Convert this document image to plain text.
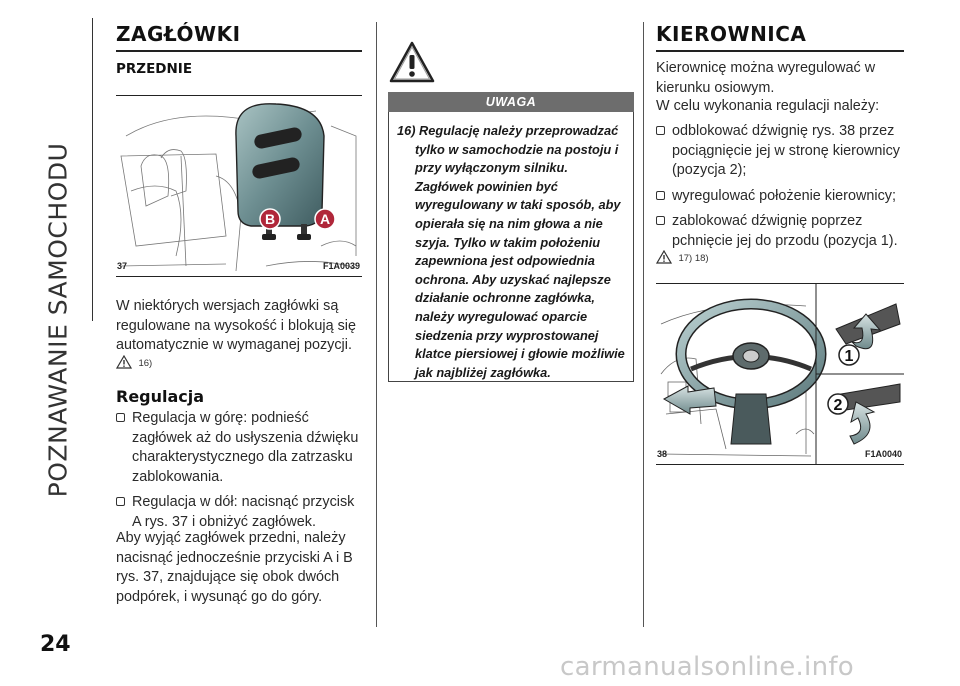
POZNAWANIE SAMOCHODU
24
ZAGŁÓWKI
PRZEDNIE
B	A
37	F1A0039

W niektórych wersjach zagłówki są regulowane na wysokość i blokują się automatycznie w wymaganej pozycji.

16)
Regulacja

Regulacja w górę: podnieść zagłówek aż do usłyszenia dźwięku charakterystycznego dla zatrzasku zablokowania.

Regulacja w dół: nacisnąć przycisk A rys. 37 i obniżyć zagłówek.

Aby wyjąć zagłówek przedni, należy nacisnąć jednocześnie przyciski A i B rys. 37, znajdujące się obok dwóch podpórek, i wysunąć go do góry.

UWAGA

16) Regulację należy przeprowadzać tylko w samochodzie na postoju i przy wyłączonym silniku. Zagłówek powinien być wyregulowany w taki sposób, aby opierała się na nim głowa a nie szyja. Tylko w takim położeniu zapewniona jest odpowiednia ochrona. Aby uzyskać najlepsze działanie ochronne zagłówka, należy wyregulować oparcie siedzenia przy wyprostowanej klatce piersiowej i głowie możliwie jak najbliżej zagłówka.

KIEROWNICA

Kierownicę można wyregulować w kierunku osiowym.

W celu wykonania regulacji należy:

odblokować dźwignię rys. 38 przez pociągnięcie jej w stronę kierownicy (pozycja 2);

wyregulować położenie kierownicy;

zablokować dźwignię poprzez pchnięcie jej do przodu (pozycja 1).

17) 18)
1
2
38	F1A0040
carmanualsonline.info
